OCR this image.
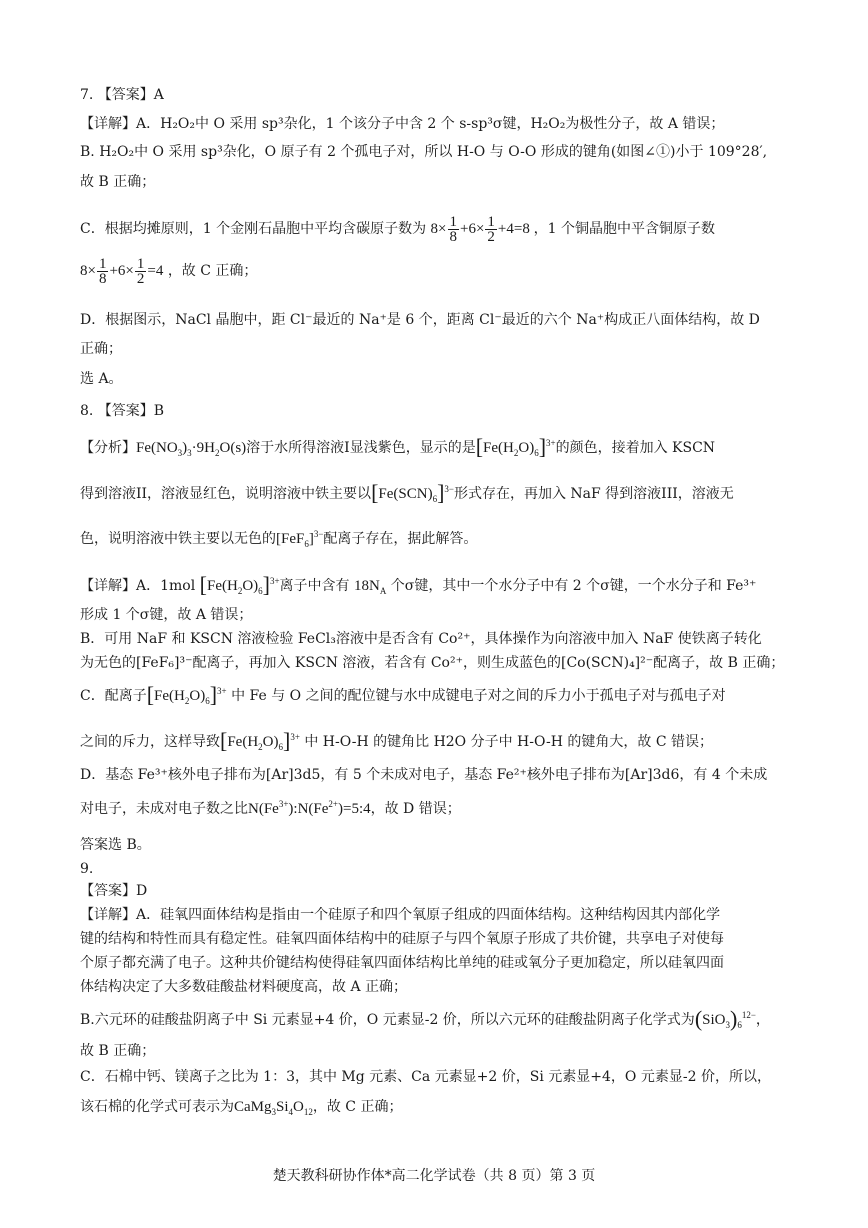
7. 【答案】A
【详解】A．H₂O₂中 O 采用 sp³杂化，1 个该分子中含 2 个 s-sp³σ键，H₂O₂为极性分子，故 A 错误；
B. H₂O₂中 O 采用 sp³杂化，O 原子有 2 个孤电子对，所以 H-O 与 O-O 形成的键角(如图∠①)小于 109°28′,
故 B 正确；
C．根据均摊原则，1 个金刚石晶胞中平均含碳原子数为 $8\times \frac{1}{8} +6\times \frac{1}{2} +4=8$ ，1 个铜晶胞中平含铜原子数
$8\times \frac{1}{8} +6\times \frac{1}{2} =4$ ，故 C 正确；
D．根据图示，NaCl 晶胞中，距 Cl⁻最近的 Na⁺是 6 个，距离 Cl⁻最近的六个 Na⁺构成正八面体结构，故 D
正确；
选 A。
8. 【答案】B
【分析】$Fe(NO_3)_3\cdot 9H_2O(s)$溶于水所得溶液I显浅紫色，显示的是$[Fe(H_2O)_6]^{3+}$的颜色，接着加入 KSCN
得到溶液II，溶液显红色，说明溶液中铁主要以$[Fe(SCN)_6]^{3-}$形式存在，再加入 NaF 得到溶液III，溶液无
色，说明溶液中铁主要以无色的$[FeF_6]^{3-}$配离子存在，据此解答。
【详解】A．1mol $[Fe(H_2O)_6]^{3+}$离子中含有 $18N_A$ 个σ键，其中一个水分子中有 2 个σ键，一个水分子和 Fe³⁺
形成 1 个σ键，故 A 错误；
B．可用 NaF 和 KSCN 溶液检验 FeCl₃溶液中是否含有 Co²⁺，具体操作为向溶液中加入 NaF 使铁离子转化
为无色的[FeF₆]³⁻配离子，再加入 KSCN 溶液，若含有 Co²⁺，则生成蓝色的[Co(SCN)₄]²⁻配离子，故 B 正确；
C．配离子$[Fe(H_2O)_6]^{3+}$ 中 Fe 与 O 之间的配位键与水中成键电子对之间的斥力小于孤电子对与孤电子对
之间的斥力，这样导致$[Fe(H_2O)_6]^{3+}$ 中 H-O-H 的键角比 H2O 分子中 H-O-H 的键角大，故 C 错误；
D．基态 Fe³⁺核外电子排布为[Ar]3d5，有 5 个未成对电子，基态 Fe²⁺核外电子排布为[Ar]3d6，有 4 个未成
对电子，未成对电子数之比$N(Fe^{3+}):N(Fe^{2+})=5:4$，故 D 错误；
答案选 B。
9.
【答案】D
【详解】A．硅氧四面体结构是指由一个硅原子和四个氧原子组成的四面体结构。这种结构因其内部化学
键的结构和特性而具有稳定性。硅氧四面体结构中的硅原子与四个氧原子形成了共价键，共享电子对使每
个原子都充满了电子。这种共价键结构使得硅氧四面体结构比单纯的硅或氧分子更加稳定，所以硅氧四面
体结构决定了大多数硅酸盐材料硬度高，故 A 正确；
B.六元环的硅酸盐阴离子中 Si 元素显+4 价，O 元素显-2 价，所以六元环的硅酸盐阴离子化学式为$(SiO_3)_6^{12-}$，
故 B 正确；
C．石棉中钙、镁离子之比为 1：3，其中 Mg 元素、Ca 元素显+2 价，Si 元素显+4，O 元素显-2 价，所以，
该石棉的化学式可表示为$CaMg_3Si_4O_{12}$，故 C 正确；
楚天教科研协作体*高二化学试卷（共 8 页）第 3 页
